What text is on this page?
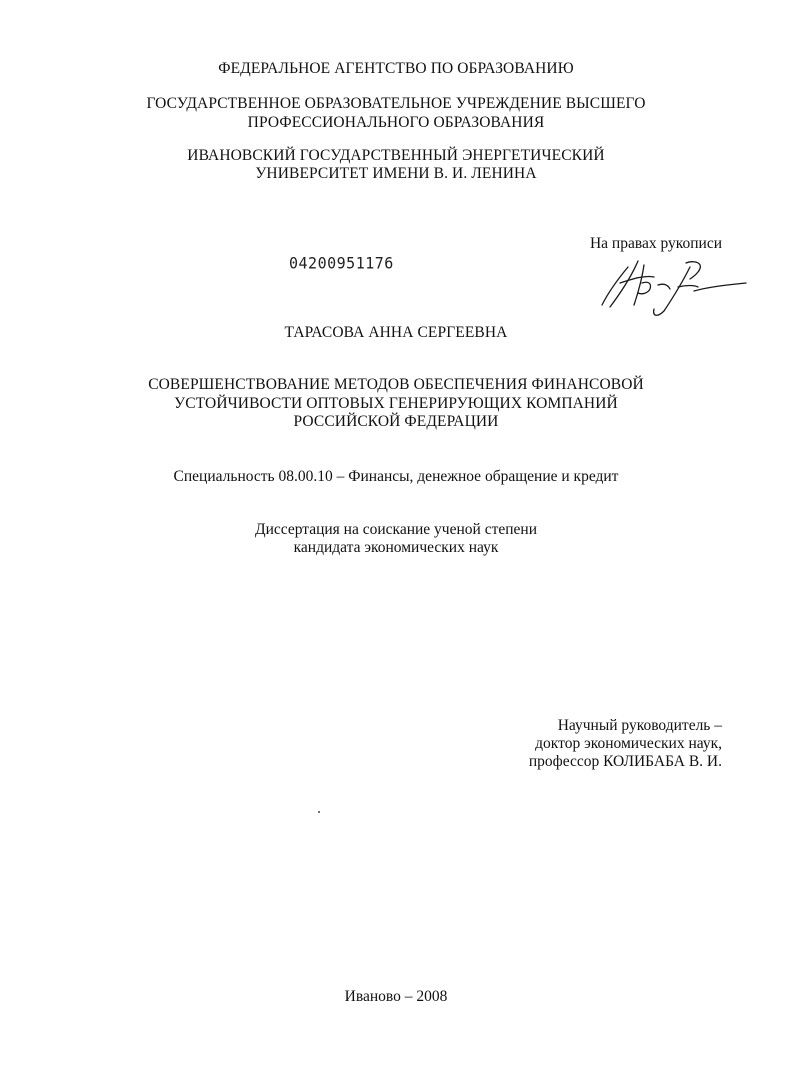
ФЕДЕРАЛЬНОЕ АГЕНТСТВО ПО ОБРАЗОВАНИЮ
ГОСУДАРСТВЕННОЕ ОБРАЗОВАТЕЛЬНОЕ УЧРЕЖДЕНИЕ ВЫСШЕГО
ПРОФЕССИОНАЛЬНОГО ОБРАЗОВАНИЯ
ИВАНОВСКИЙ ГОСУДАРСТВЕННЫЙ ЭНЕРГЕТИЧЕСКИЙ
УНИВЕРСИТЕТ ИМЕНИ В. И. ЛЕНИНА
На правах рукописи
04200951176
ТАРАСОВА АННА СЕРГЕЕВНА
СОВЕРШЕНСТВОВАНИЕ МЕТОДОВ ОБЕСПЕЧЕНИЯ ФИНАНСОВОЙ
УСТОЙЧИВОСТИ ОПТОВЫХ ГЕНЕРИРУЮЩИХ КОМПАНИЙ
РОССИЙСКОЙ ФЕДЕРАЦИИ
Специальность 08.00.10 – Финансы, денежное обращение и кредит
Диссертация на соискание ученой степени
кандидата экономических наук
Научный руководитель –
доктор экономических наук,
профессор КОЛИБАБА В. И.
Иваново – 2008
